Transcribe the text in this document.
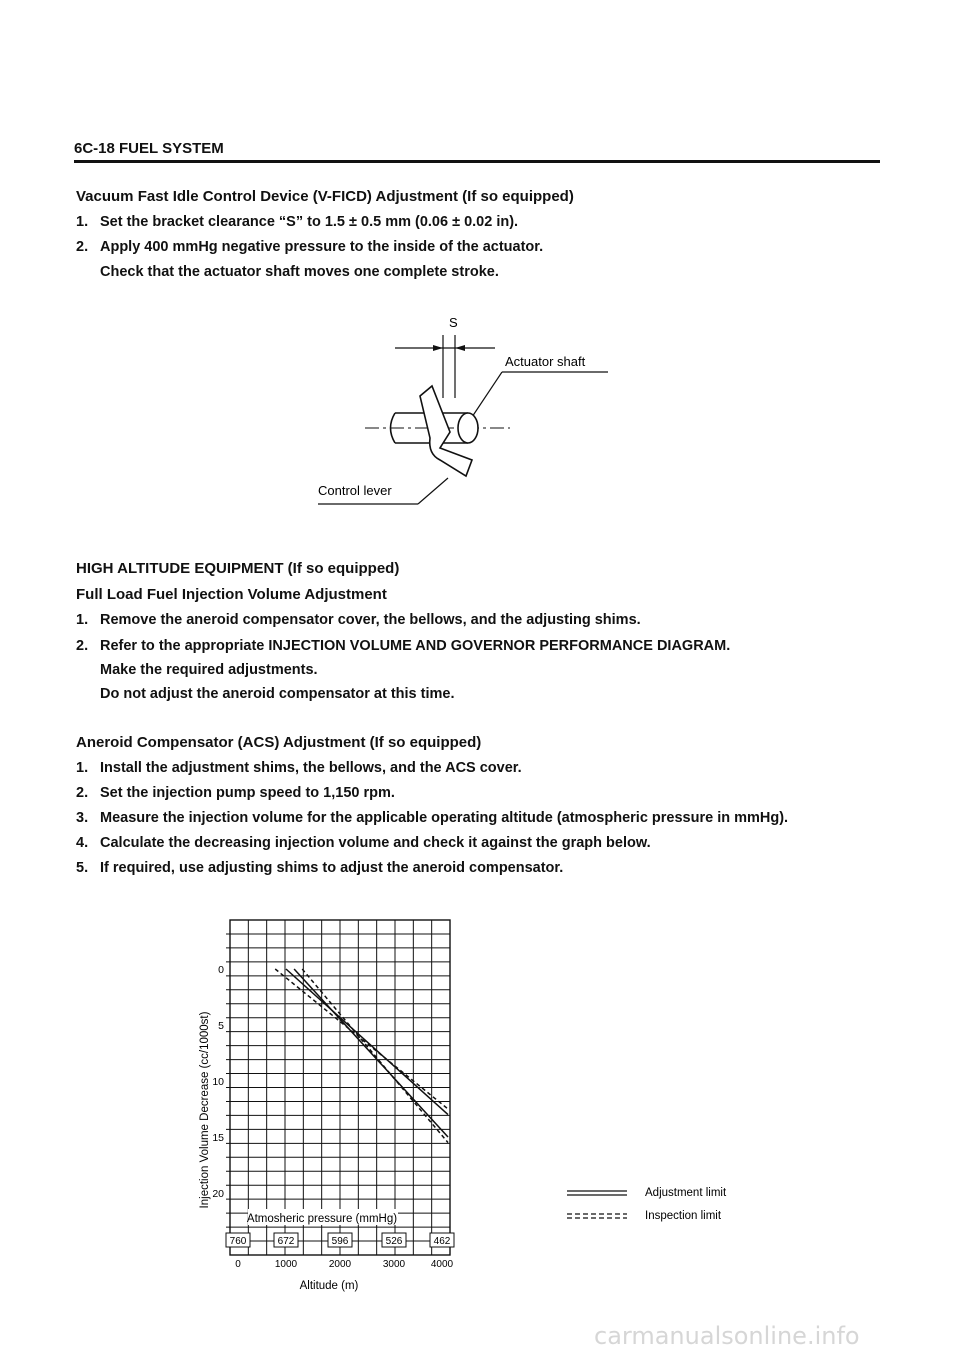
6C-18 FUEL SYSTEM
Vacuum Fast Idle Control Device (V-FICD) Adjustment (If so equipped)
1. Set the bracket clearance “S” to 1.5 ± 0.5 mm (0.06 ± 0.02 in).
2. Apply 400 mmHg negative pressure to the inside of the actuator.
Check that the actuator shaft moves one complete stroke.
S
Actuator shaft
Control lever
HIGH ALTITUDE EQUIPMENT (If so equipped)
Full Load Fuel Injection Volume Adjustment
1. Remove the aneroid compensator cover, the bellows, and the adjusting shims.
2. Refer to the appropriate INJECTION VOLUME AND GOVERNOR PERFORMANCE DIAGRAM.
Make the required adjustments.
Do not adjust the aneroid compensator at this time.
Aneroid Compensator (ACS) Adjustment (If so equipped)
1. Install the adjustment shims, the bellows, and the ACS cover.
2. Set the injection pump speed to 1,150 rpm.
3. Measure the injection volume for the applicable operating altitude (atmospheric pressure in mmHg).
4. Calculate the decreasing injection volume and check it against the graph below.
5. If required, use adjusting shims to adjust the aneroid compensator.
Atmosheric pressure (mmHg)
760	672	596	526	462
0
5
10
15
20
0	1000	2000	3000	4000
Injection Volume Decrease (cc/1000st)
Altitude (m)
Adjustment limit
Inspection limit
carmanualsonline.info
